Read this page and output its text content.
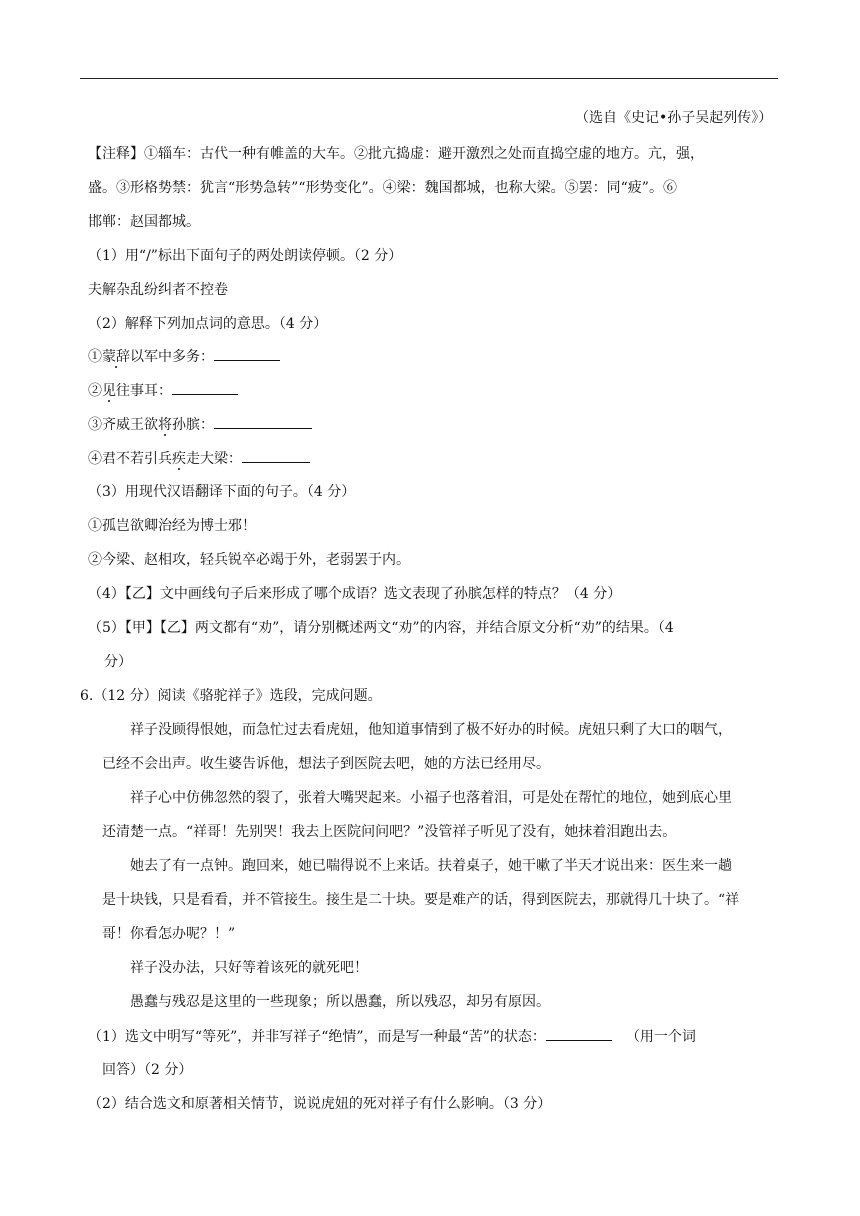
（选自《史记•孙子吴起列传》）
【注释】①辎车：古代一种有帷盖的大车。②批亢捣虚：避开激烈之处而直捣空虚的地方。亢，强，
盛。③形格势禁：犹言“形势急转”“形势变化”。④梁：魏国都城，也称大梁。⑤罢：同“疲”。⑥
邯郸：赵国都城。
（1）用“/”标出下面句子的两处朗读停顿。（2 分）
夫解杂乱纷纠者不控卷
（2）解释下列加点词的意思。（4 分）
①蒙辞以军中多务：
②见往事耳：
③齐威王欲将孙膑：
④君不若引兵疾走大梁：
（3）用现代汉语翻译下面的句子。（4 分）
①孤岂欲卿治经为博士邪！
②今梁、赵相攻，轻兵锐卒必竭于外，老弱罢于内。
（4）【乙】文中画线句子后来形成了哪个成语？选文表现了孙膑怎样的特点？（4 分）
（5）【甲】【乙】两文都有“劝”，请分别概述两文“劝”的内容，并结合原文分析“劝”的结果。（4
分）
6.（12 分）阅读《骆驼祥子》选段，完成问题。
祥子没顾得恨她，而急忙过去看虎妞，他知道事情到了极不好办的时候。虎妞只剩了大口的咽气，
已经不会出声。收生婆告诉他，想法子到医院去吧，她的方法已经用尽。
祥子心中仿佛忽然的裂了，张着大嘴哭起来。小福子也落着泪，可是处在帮忙的地位，她到底心里
还清楚一点。“祥哥！先别哭！我去上医院问问吧？”没管祥子听见了没有，她抹着泪跑出去。
她去了有一点钟。跑回来，她已喘得说不上来话。扶着桌子，她干嗽了半天才说出来：医生来一趟
是十块钱，只是看看，并不管接生。接生是二十块。要是难产的话，得到医院去，那就得几十块了。“祥
哥！你看怎办呢？！”
祥子没办法，只好等着该死的就死吧！
愚蠢与残忍是这里的一些现象；所以愚蠢，所以残忍，却另有原因。
（1）选文中明写“等死”，并非写祥子“绝情”，而是写一种最“苦”的状态：	（用一个词
回答）（2 分）
（2）结合选文和原著相关情节，说说虎妞的死对祥子有什么影响。（3 分）
